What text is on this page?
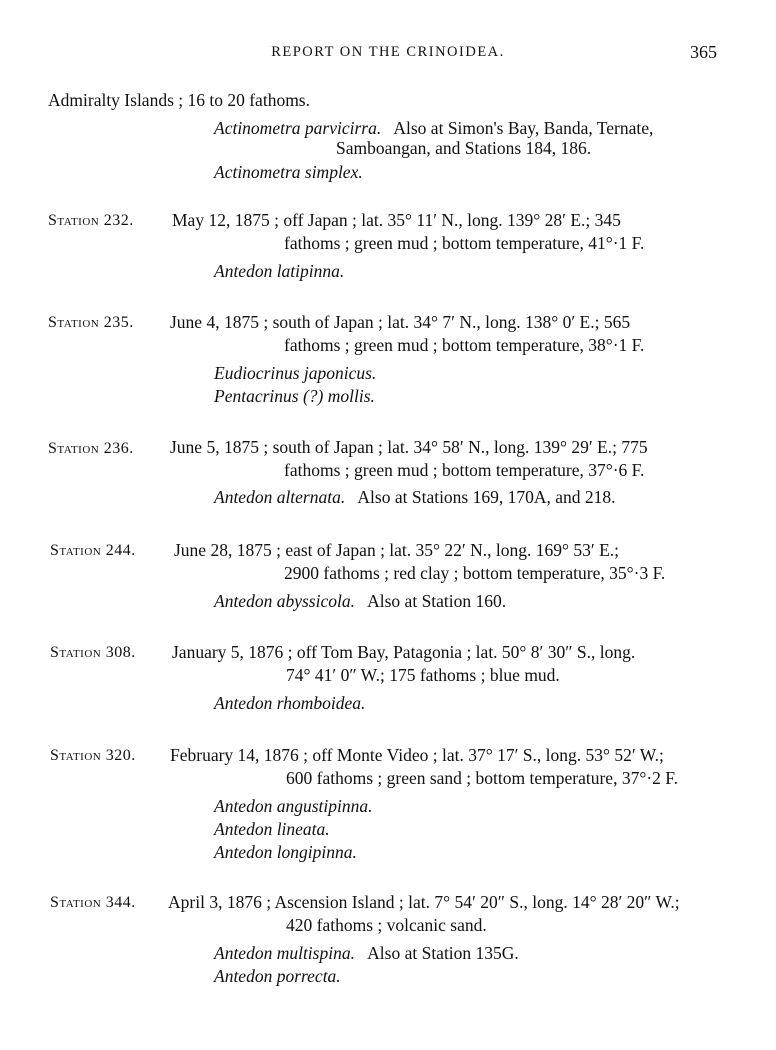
REPORT ON THE CRINOIDEA.	365
Admiralty Islands ; 16 to 20 fathoms.
Actinometra parvicirra. Also at Simon's Bay, Banda, Ternate,
Samboangan, and Stations 184, 186.
Actinometra simplex.
Station 232. May 12, 1875 ; off Japan ; lat. 35° 11′ N., long. 139° 28′ E.; 345
fathoms ; green mud ; bottom temperature, 41°·1 F.
Antedon latipinna.
Station 235. June 4, 1875 ; south of Japan ; lat. 34° 7′ N., long. 138° 0′ E.; 565
fathoms ; green mud ; bottom temperature, 38°·1 F.
Eudiocrinus japonicus.
Pentacrinus (?) mollis.
Station 236. June 5, 1875 ; south of Japan ; lat. 34° 58′ N., long. 139° 29′ E.; 775
fathoms ; green mud ; bottom temperature, 37°·6 F.
Antedon alternata. Also at Stations 169, 170A, and 218.
Station 244. June 28, 1875 ; east of Japan ; lat. 35° 22′ N., long. 169° 53′ E.;
2900 fathoms ; red clay ; bottom temperature, 35°·3 F.
Antedon abyssicola. Also at Station 160.
Station 308. January 5, 1876 ; off Tom Bay, Patagonia ; lat. 50° 8′ 30″ S., long.
74° 41′ 0″ W.; 175 fathoms ; blue mud.
Antedon rhomboidea.
Station 320. February 14, 1876 ; off Monte Video ; lat. 37° 17′ S., long. 53° 52′ W.;
600 fathoms ; green sand ; bottom temperature, 37°·2 F.
Antedon angustipinna.
Antedon lineata.
Antedon longipinna.
Station 344. April 3, 1876 ; Ascension Island ; lat. 7° 54′ 20″ S., long. 14° 28′ 20″ W.;
420 fathoms ; volcanic sand.
Antedon multispina. Also at Station 135G.
Antedon porrecta.
